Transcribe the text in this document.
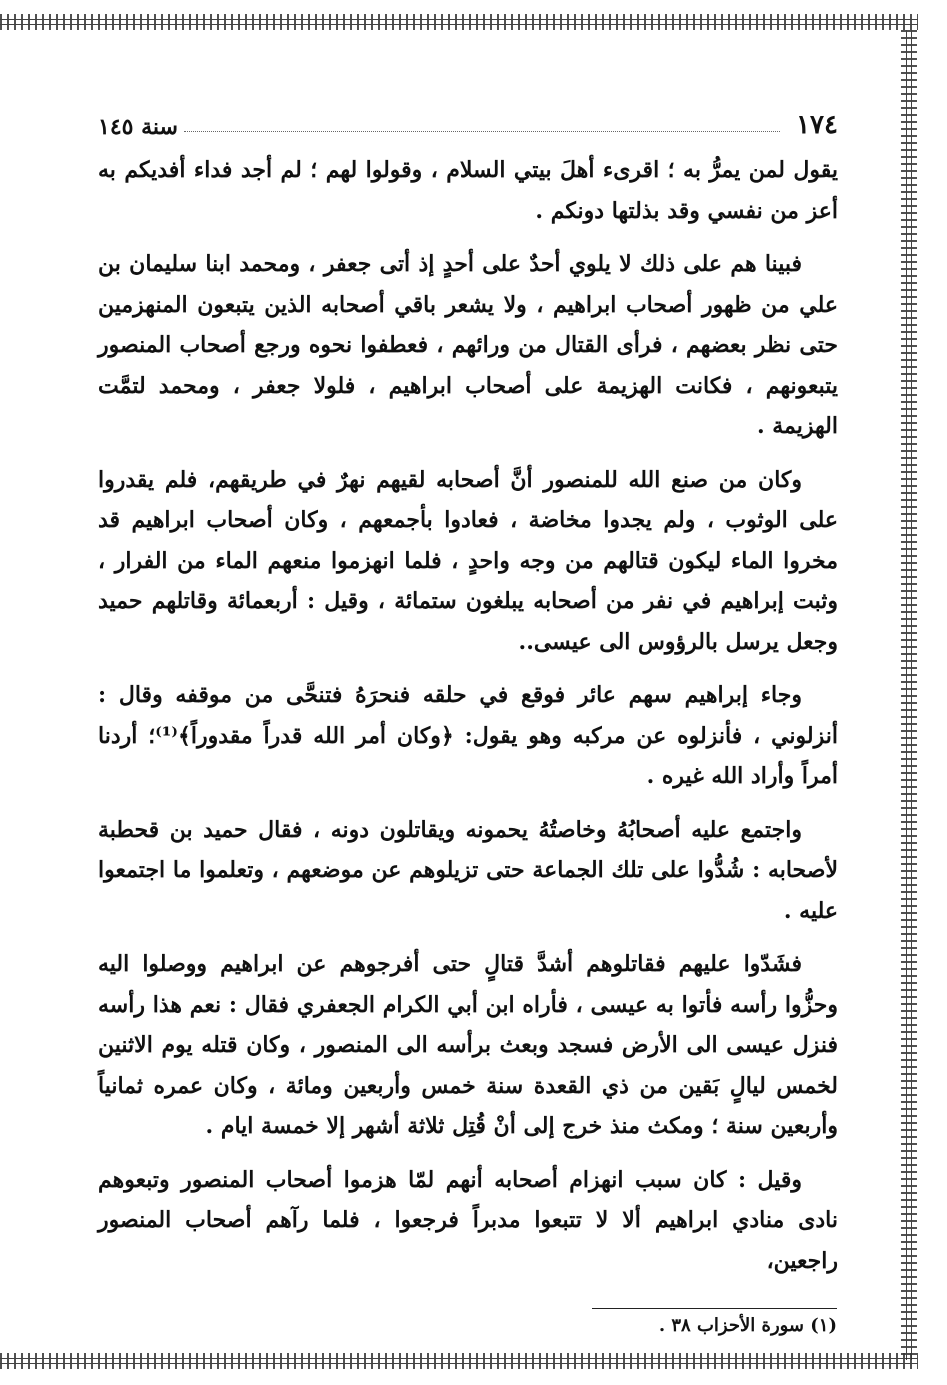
١٧٤
سنة ١٤٥

يقول لمن يمرُّ به ؛ اقرىء أهلَ بيتي السلام ، وقولوا لهم ؛ لم أجد فداء أفديكم به أعز من نفسي وقد بذلتها دونكم .

فبينا هم على ذلك لا يلوي أحدٌ على أحدٍ إذ أتى جعفر ، ومحمد ابنا سليمان بن علي من ظهور أصحاب ابراهيم ، ولا يشعر باقي أصحابه الذين يتبعون المنهزمين حتى نظر بعضهم ، فرأى القتال من ورائهم ، فعطفوا نحوه ورجع أصحاب المنصور يتبعونهم ، فكانت الهزيمة على أصحاب ابراهيم ، فلولا جعفر ، ومحمد لتمَّت الهزيمة .

وكان من صنع الله للمنصور أنَّ أصحابه لقيهم نهرٌ في طريقهم، فلم يقدروا على الوثوب ، ولم يجدوا مخاضة ، فعادوا بأجمعهم ، وكان أصحاب ابراهيم قد مخروا الماء ليكون قتالهم من وجه واحدٍ ، فلما انهزموا منعهم الماء من الفرار ، وثبت إبراهيم في نفر من أصحابه يبلغون ستمائة ، وقيل : أربعمائة وقاتلهم حميد وجعل يرسل بالرؤوس الى عيسى..

وجاء إبراهيم سهم عائر فوقع في حلقه فنحرَهُ فتنحَّى من موقفه وقال : أنزلوني ، فأنزلوه عن مركبه وهو يقول: ﴿وكان أمر الله قدراً مقدوراً﴾⁽¹⁾؛ أردنا أمراً وأراد الله غيره .

واجتمع عليه أصحابُهُ وخاصتُهُ يحمونه ويقاتلون دونه ، فقال حميد بن قحطبة لأصحابه : شُدُّوا على تلك الجماعة حتى تزيلوهم عن موضعهم ، وتعلموا ما اجتمعوا عليه .

فشَدّوا عليهم فقاتلوهم أشدَّ قتالٍ حتى أفرجوهم عن ابراهيم ووصلوا اليه وحزُّوا رأسه فأتوا به عيسى ، فأراه ابن أبي الكرام الجعفري فقال : نعم هذا رأسه فنزل عيسى الى الأرض فسجد وبعث برأسه الى المنصور ، وكان قتله يوم الاثنين لخمس ليالٍ بَقين من ذي القعدة سنة خمس وأربعين ومائة ، وكان عمره ثمانياً وأربعين سنة ؛ ومكث منذ خرج إلى أنْ قُتِل ثلاثة أشهر إلا خمسة ايام .

وقيل : كان سبب انهزام أصحابه أنهم لمّا هزموا أصحاب المنصور وتبعوهم نادى منادي ابراهيم ألا لا تتبعوا مدبراً فرجعوا ، فلما رآهم أصحاب المنصور راجعين،

(١) سورة الأحزاب ٣٨ .
